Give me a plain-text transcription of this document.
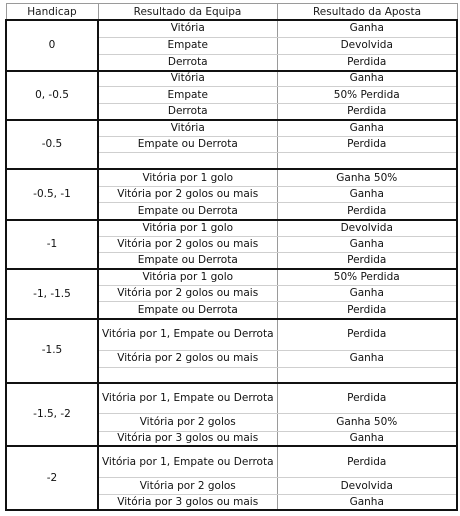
Handicap	Resultado da Equipa	Resultado da Aposta
0	Vitória	Ganha
	Empate	Devolvida
	Derrota	Perdida
0, -0.5	Vitória	Ganha
	Empate	50% Perdida
	Derrota	Perdida
-0.5	Vitória	Ganha
	Empate ou Derrota	Perdida

-0.5, -1	Vitória por 1 golo	Ganha 50%
	Vitória por 2 golos ou mais	Ganha
	Empate ou Derrota	Perdida
-1	Vitória por 1 golo	Devolvida
	Vitória por 2 golos ou mais	Ganha
	Empate ou Derrota	Perdida
-1, -1.5	Vitória por 1 golo	50% Perdida
	Vitória por 2 golos ou mais	Ganha
	Empate ou Derrota	Perdida
-1.5	Vitória por 1, Empate ou Derrota	Perdida
	Vitória por 2 golos ou mais	Ganha

-1.5, -2	Vitória por 1, Empate ou Derrota	Perdida
	Vitória por 2 golos	Ganha 50%
	Vitória por 3 golos ou mais	Ganha
-2	Vitória por 1, Empate ou Derrota	Perdida
	Vitória por 2 golos	Devolvida
	Vitória por 3 golos ou mais	Ganha
